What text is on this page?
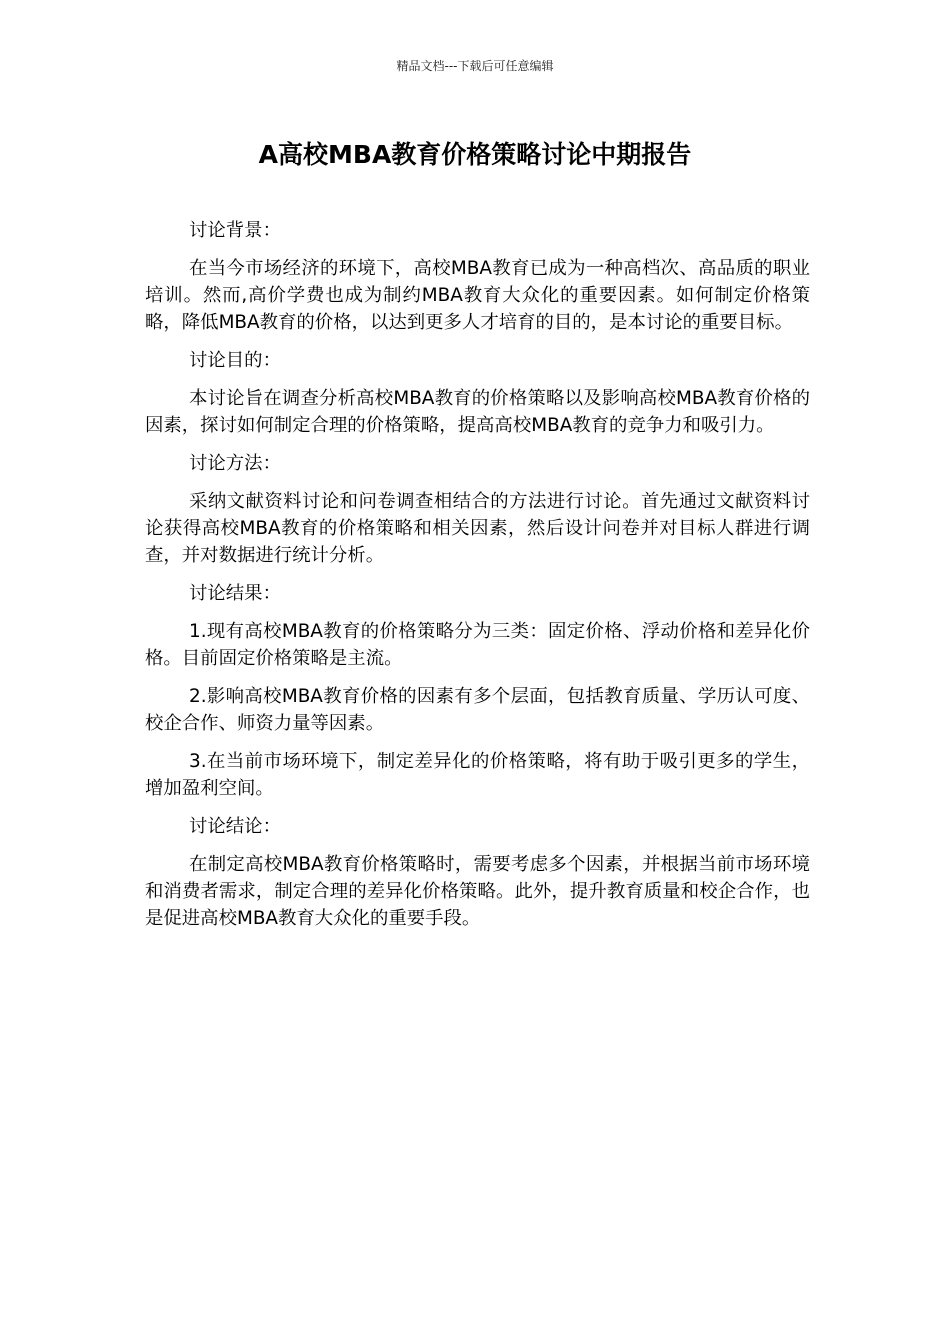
精品文档---下载后可任意编辑
A高校MBA教育价格策略讨论中期报告

讨论背景：

在当今市场经济的环境下，高校MBA教育已成为一种高档次、高品质的职业培训。然而,高价学费也成为制约MBA教育大众化的重要因素。如何制定价格策略，降低MBA教育的价格，以达到更多人才培育的目的，是本讨论的重要目标。

讨论目的：

本讨论旨在调查分析高校MBA教育的价格策略以及影响高校MBA教育价格的因素，探讨如何制定合理的价格策略，提高高校MBA教育的竞争力和吸引力。

讨论方法：

采纳文献资料讨论和问卷调查相结合的方法进行讨论。首先通过文献资料讨论获得高校MBA教育的价格策略和相关因素，然后设计问卷并对目标人群进行调查，并对数据进行统计分析。

讨论结果：

1.现有高校MBA教育的价格策略分为三类：固定价格、浮动价格和差异化价格。目前固定价格策略是主流。

2.影响高校MBA教育价格的因素有多个层面，包括教育质量、学历认可度、校企合作、师资力量等因素。

3.在当前市场环境下，制定差异化的价格策略，将有助于吸引更多的学生，增加盈利空间。

讨论结论：

在制定高校MBA教育价格策略时，需要考虑多个因素，并根据当前市场环境和消费者需求，制定合理的差异化价格策略。此外，提升教育质量和校企合作，也是促进高校MBA教育大众化的重要手段。
